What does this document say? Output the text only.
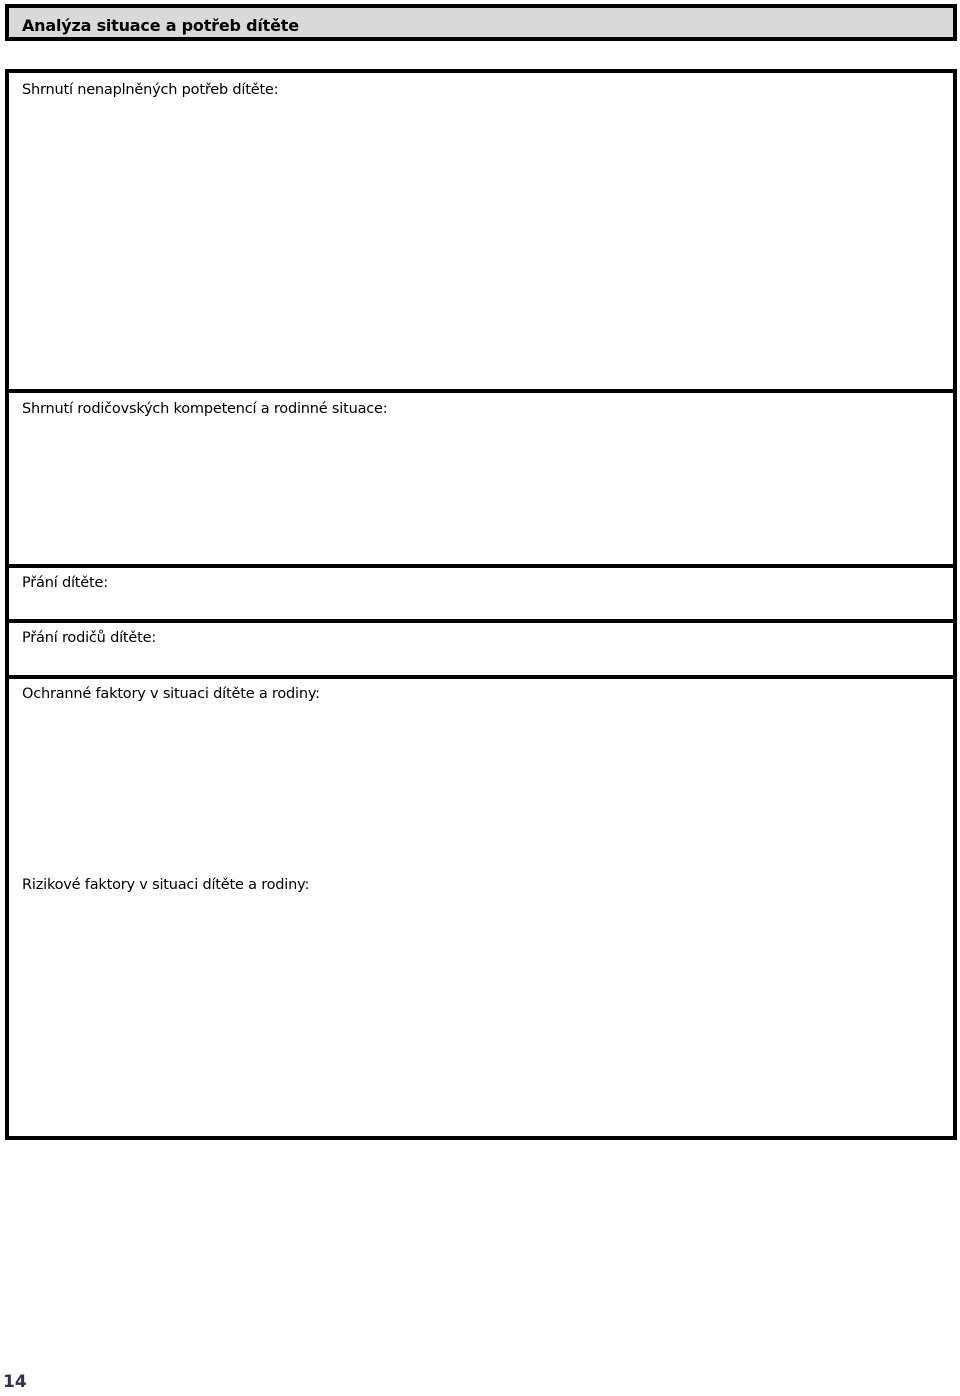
Analýza situace a potřeb dítěte
Shrnutí nenaplněných potřeb dítěte:
Shrnutí rodičovských kompetencí a rodinné situace:
Přání dítěte:
Přání rodičů dítěte:
Ochranné faktory v situaci dítěte a rodiny:
Rizikové faktory v situaci dítěte a rodiny:
14
